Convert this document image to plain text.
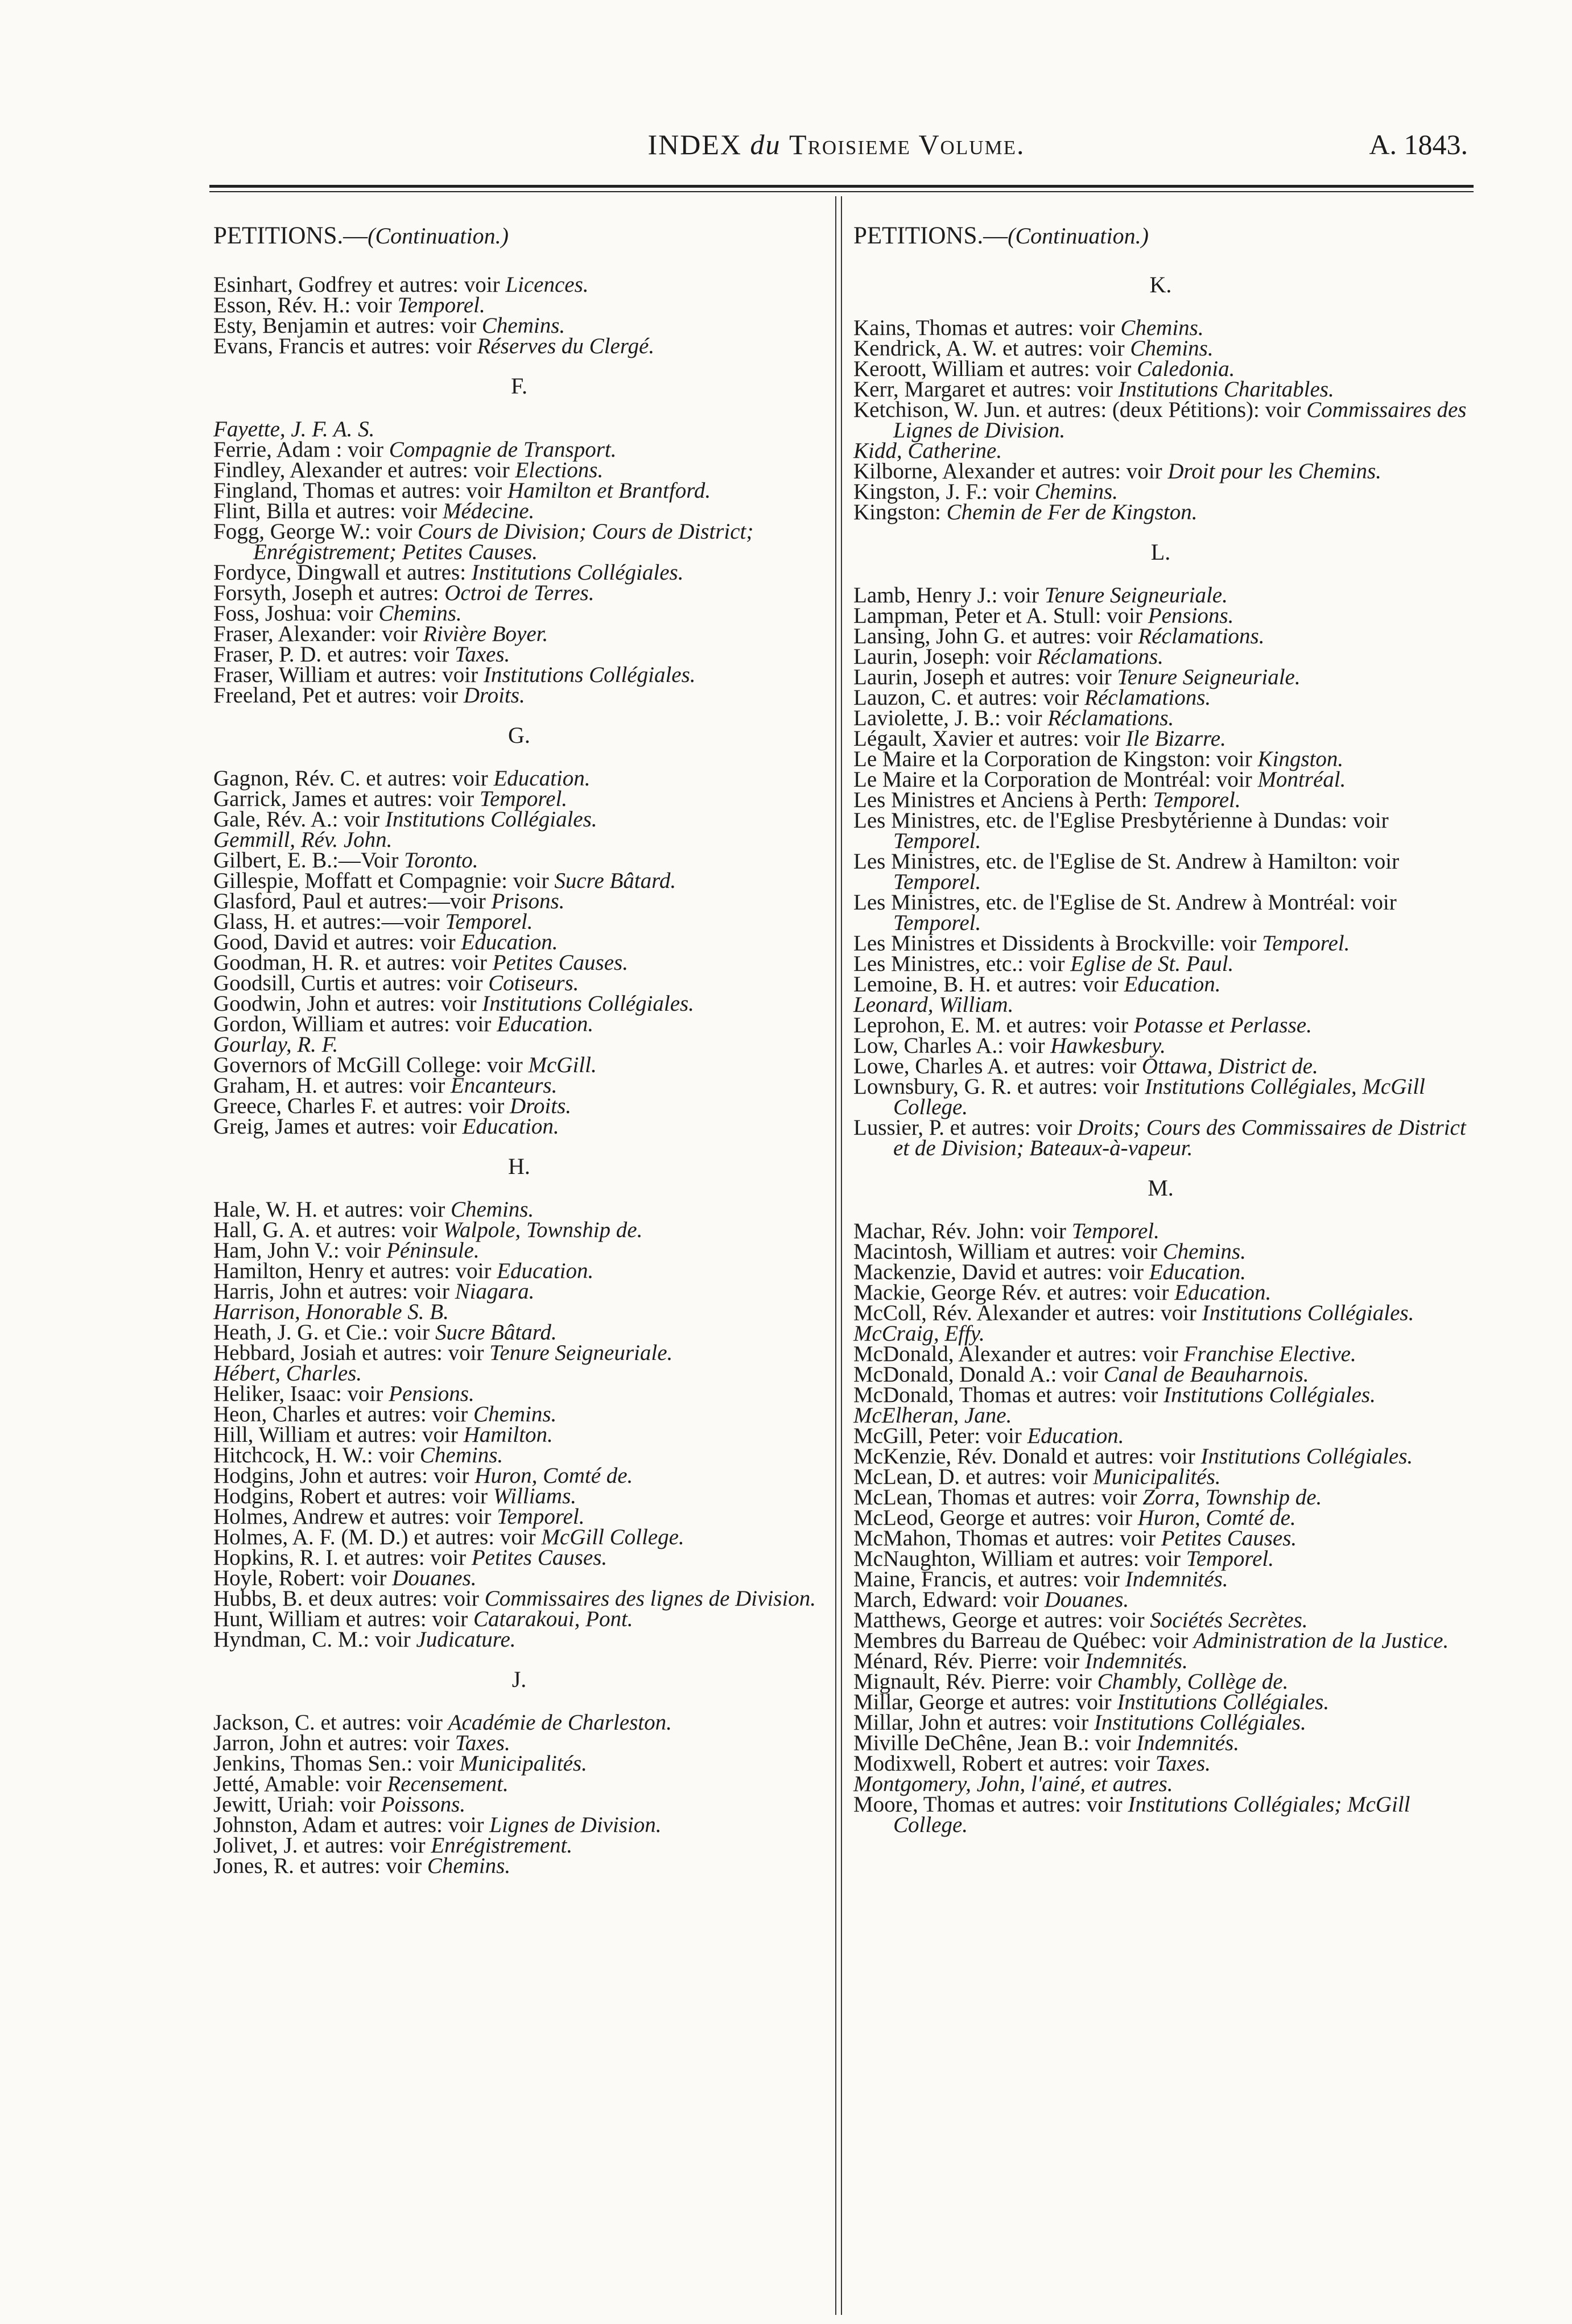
INDEX du Troisieme Volume.	A. 1843.
PETITIONS.—(Continuation.)

Esinhart, Godfrey et autres: voir Licences.

Esson, Rév. H.: voir Temporel.

Esty, Benjamin et autres: voir Chemins.

Evans, Francis et autres: voir Réserves du Clergé.

F.

Fayette, J. F. A. S.

Ferrie, Adam : voir Compagnie de Transport.

Findley, Alexander et autres: voir Elections.

Fingland, Thomas et autres: voir Hamilton et Brantford.

Flint, Billa et autres: voir Médecine.

Fogg, George W.: voir Cours de Division; Cours de District; Enrégistrement; Petites Causes.

Fordyce, Dingwall et autres: Institutions Collégiales.

Forsyth, Joseph et autres: Octroi de Terres.

Foss, Joshua: voir Chemins.

Fraser, Alexander: voir Rivière Boyer.

Fraser, P. D. et autres: voir Taxes.

Fraser, William et autres: voir Institutions Collégiales.

Freeland, Pet et autres: voir Droits.

G.

Gagnon, Rév. C. et autres: voir Education.

Garrick, James et autres: voir Temporel.

Gale, Rév. A.: voir Institutions Collégiales.

Gemmill, Rév. John.

Gilbert, E. B.:—Voir Toronto.

Gillespie, Moffatt et Compagnie: voir Sucre Bâtard.

Glasford, Paul et autres:—voir Prisons.

Glass, H. et autres:—voir Temporel.

Good, David et autres: voir Education.

Goodman, H. R. et autres: voir Petites Causes.

Goodsill, Curtis et autres: voir Cotiseurs.

Goodwin, John et autres: voir Institutions Collégiales.

Gordon, William et autres: voir Education.

Gourlay, R. F.

Governors of McGill College: voir McGill.

Graham, H. et autres: voir Encanteurs.

Greece, Charles F. et autres: voir Droits.

Greig, James et autres: voir Education.

H.

Hale, W. H. et autres: voir Chemins.

Hall, G. A. et autres: voir Walpole, Township de.

Ham, John V.: voir Péninsule.

Hamilton, Henry et autres: voir Education.

Harris, John et autres: voir Niagara.

Harrison, Honorable S. B.

Heath, J. G. et Cie.: voir Sucre Bâtard.

Hebbard, Josiah et autres: voir Tenure Seigneuriale.

Hébert, Charles.

Heliker, Isaac: voir Pensions.

Heon, Charles et autres: voir Chemins.

Hill, William et autres: voir Hamilton.

Hitchcock, H. W.: voir Chemins.

Hodgins, John et autres: voir Huron, Comté de.

Hodgins, Robert et autres: voir Williams.

Holmes, Andrew et autres: voir Temporel.

Holmes, A. F. (M. D.) et autres: voir McGill College.

Hopkins, R. I. et autres: voir Petites Causes.

Hoyle, Robert: voir Douanes.

Hubbs, B. et deux autres: voir Commissaires des lignes de Division.

Hunt, William et autres: voir Catarakoui, Pont.

Hyndman, C. M.: voir Judicature.

J.

Jackson, C. et autres: voir Académie de Charleston.

Jarron, John et autres: voir Taxes.

Jenkins, Thomas Sen.: voir Municipalités.

Jetté, Amable: voir Recensement.

Jewitt, Uriah: voir Poissons.

Johnston, Adam et autres: voir Lignes de Division.

Jolivet, J. et autres: voir Enrégistrement.

Jones, R. et autres: voir Chemins.

PETITIONS.—(Continuation.)
K.

Kains, Thomas et autres: voir Chemins.

Kendrick, A. W. et autres: voir Chemins.

Keroott, William et autres: voir Caledonia.

Kerr, Margaret et autres: voir Institutions Charitables.

Ketchison, W. Jun. et autres: (deux Pétitions): voir Commissaires des Lignes de Division.

Kidd, Catherine.

Kilborne, Alexander et autres: voir Droit pour les Chemins.

Kingston, J. F.: voir Chemins.

Kingston: Chemin de Fer de Kingston.

L.

Lamb, Henry J.: voir Tenure Seigneuriale.

Lampman, Peter et A. Stull: voir Pensions.

Lansing, John G. et autres: voir Réclamations.

Laurin, Joseph: voir Réclamations.

Laurin, Joseph et autres: voir Tenure Seigneuriale.

Lauzon, C. et autres: voir Réclamations.

Laviolette, J. B.: voir Réclamations.

Légault, Xavier et autres: voir Ile Bizarre.

Le Maire et la Corporation de Kingston: voir Kingston.

Le Maire et la Corporation de Montréal: voir Montréal.

Les Ministres et Anciens à Perth: Temporel.

Les Ministres, etc. de l'Eglise Presbytérienne à Dundas: voir Temporel.

Les Ministres, etc. de l'Eglise de St. Andrew à Hamilton: voir Temporel.

Les Ministres, etc. de l'Eglise de St. Andrew à Montréal: voir Temporel.

Les Ministres et Dissidents à Brockville: voir Temporel.

Les Ministres, etc.: voir Eglise de St. Paul.

Lemoine, B. H. et autres: voir Education.

Leonard, William.

Leprohon, E. M. et autres: voir Potasse et Perlasse.

Low, Charles A.: voir Hawkesbury.

Lowe, Charles A. et autres: voir Ottawa, District de.

Lownsbury, G. R. et autres: voir Institutions Collégiales, McGill College.

Lussier, P. et autres: voir Droits; Cours des Commissaires de District et de Division; Bateaux-à-vapeur.

M.

Machar, Rév. John: voir Temporel.

Macintosh, William et autres: voir Chemins.

Mackenzie, David et autres: voir Education.

Mackie, George Rév. et autres: voir Education.

McColl, Rév. Alexander et autres: voir Institutions Collégiales.

McCraig, Effy.

McDonald, Alexander et autres: voir Franchise Elective.

McDonald, Donald A.: voir Canal de Beauharnois.

McDonald, Thomas et autres: voir Institutions Collégiales.

McElheran, Jane.

McGill, Peter: voir Education.

McKenzie, Rév. Donald et autres: voir Institutions Collégiales.

McLean, D. et autres: voir Municipalités.

McLean, Thomas et autres: voir Zorra, Township de.

McLeod, George et autres: voir Huron, Comté de.

McMahon, Thomas et autres: voir Petites Causes.

McNaughton, William et autres: voir Temporel.

Maine, Francis, et autres: voir Indemnités.

March, Edward: voir Douanes.

Matthews, George et autres: voir Sociétés Secrètes.

Membres du Barreau de Québec: voir Administration de la Justice.

Ménard, Rév. Pierre: voir Indemnités.

Mignault, Rév. Pierre: voir Chambly, Collège de.

Millar, George et autres: voir Institutions Collégiales.

Millar, John et autres: voir Institutions Collégiales.

Miville DeChêne, Jean B.: voir Indemnités.

Modixwell, Robert et autres: voir Taxes.

Montgomery, John, l'ainé, et autres.

Moore, Thomas et autres: voir Institutions Collégiales; McGill College.
